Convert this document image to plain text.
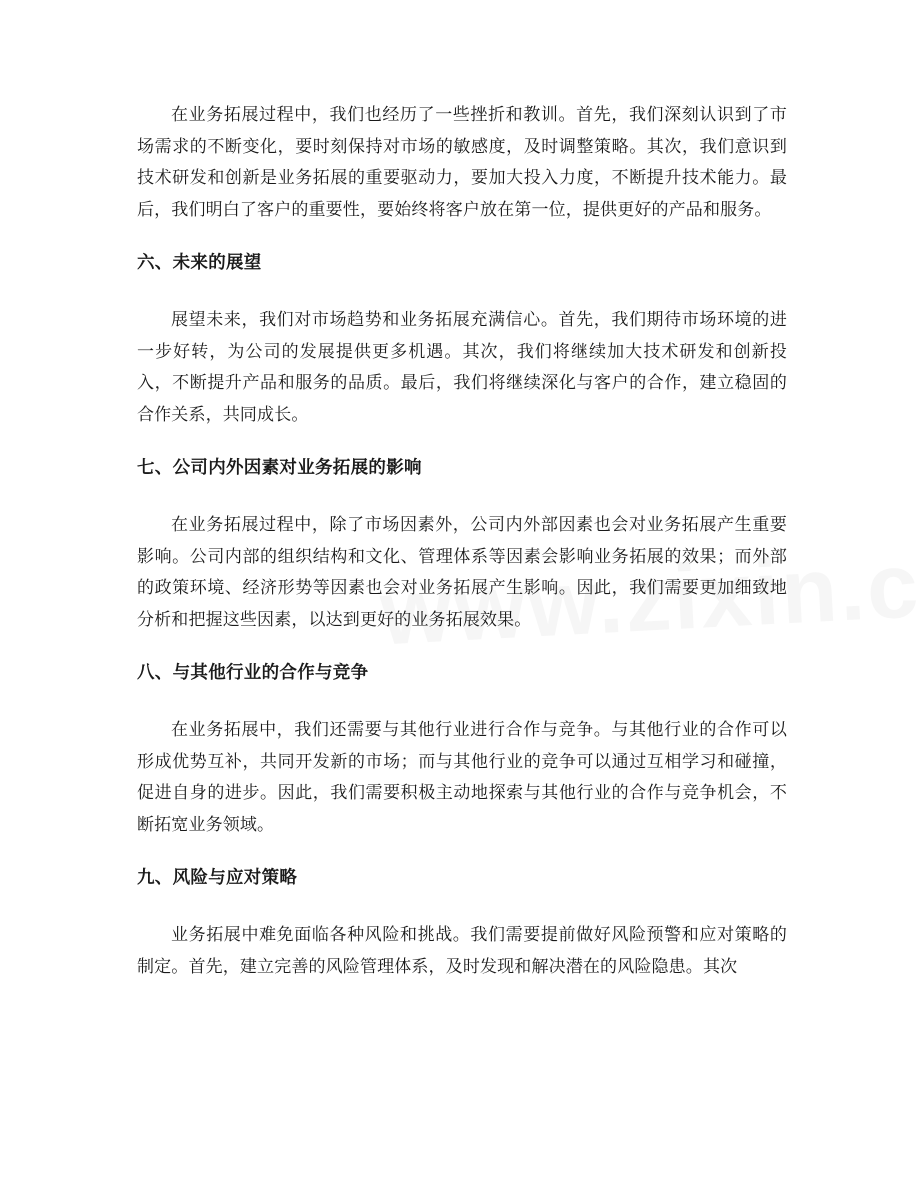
在业务拓展过程中，我们也经历了一些挫折和教训。首先，我们深刻认识到了市场需求的不断变化，要时刻保持对市场的敏感度，及时调整策略。其次，我们意识到技术研发和创新是业务拓展的重要驱动力，要加大投入力度，不断提升技术能力。最后，我们明白了客户的重要性，要始终将客户放在第一位，提供更好的产品和服务。

六、未来的展望

展望未来，我们对市场趋势和业务拓展充满信心。首先，我们期待市场环境的进一步好转，为公司的发展提供更多机遇。其次，我们将继续加大技术研发和创新投入，不断提升产品和服务的品质。最后，我们将继续深化与客户的合作，建立稳固的合作关系，共同成长。

七、公司内外因素对业务拓展的影响

在业务拓展过程中，除了市场因素外，公司内外部因素也会对业务拓展产生重要影响。公司内部的组织结构和文化、管理体系等因素会影响业务拓展的效果；而外部的政策环境、经济形势等因素也会对业务拓展产生影响。因此，我们需要更加细致地分析和把握这些因素，以达到更好的业务拓展效果。

八、与其他行业的合作与竞争

在业务拓展中，我们还需要与其他行业进行合作与竞争。与其他行业的合作可以形成优势互补，共同开发新的市场；而与其他行业的竞争可以通过互相学习和碰撞，促进自身的进步。因此，我们需要积极主动地探索与其他行业的合作与竞争机会，不断拓宽业务领域。

九、风险与应对策略

业务拓展中难免面临各种风险和挑战。我们需要提前做好风险预警和应对策略的制定。首先，建立完善的风险管理体系，及时发现和解决潜在的风险隐患。其次
